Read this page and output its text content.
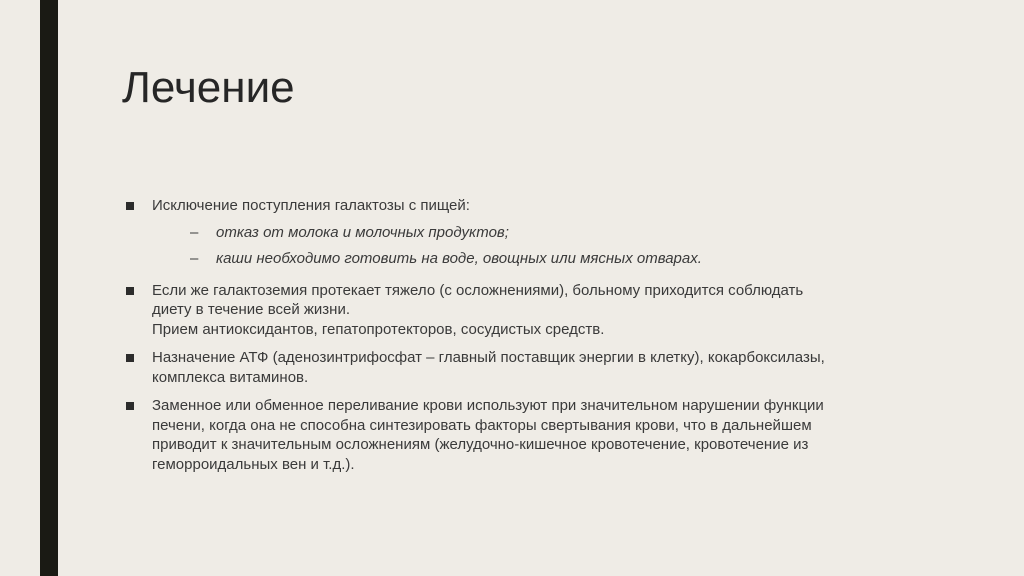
Лечение
Исключение поступления галактозы с пищей:
– отказ от молока и молочных продуктов;
– каши необходимо готовить на воде, овощных или мясных отварах.
Если же галактоземия протекает тяжело (с осложнениями), больному приходится соблюдать
диету в течение всей жизни.
Прием антиоксидантов, гепатопротекторов, сосудистых средств.
Назначение АТФ (аденозинтрифосфат – главный поставщик энергии в клетку), кокарбоксилазы,
комплекса витаминов.
Заменное или обменное переливание крови используют при значительном нарушении функции
печени, когда она не способна синтезировать факторы свертывания крови, что в дальнейшем
приводит к значительным осложнениям (желудочно-кишечное кровотечение, кровотечение из
геморроидальных вен и т.д.).
